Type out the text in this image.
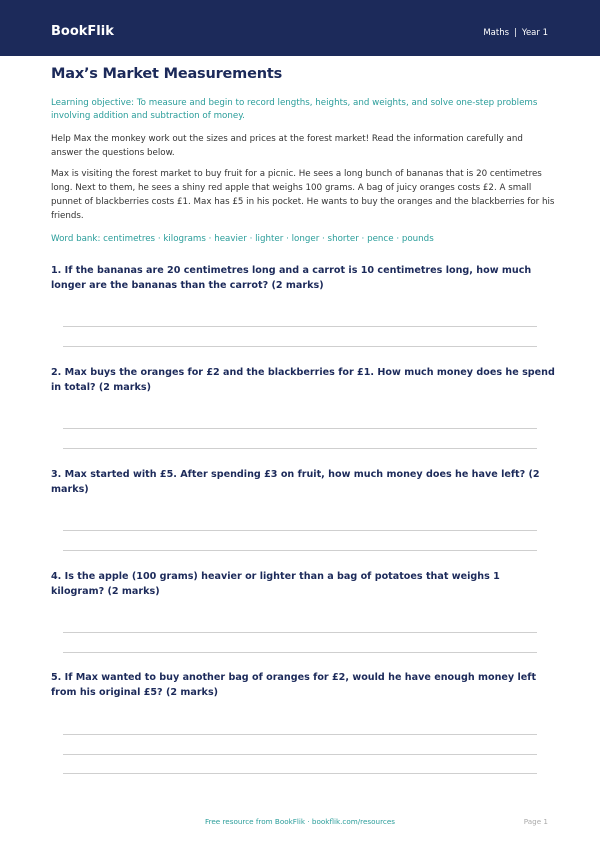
BookFlik	Maths | Year 1
Max’s Market Measurements
Learning objective: To measure and begin to record lengths, heights, and weights, and solve one-step problems involving addition and subtraction of money.
Help Max the monkey work out the sizes and prices at the forest market! Read the information carefully and answer the questions below.
Max is visiting the forest market to buy fruit for a picnic. He sees a long bunch of bananas that is 20 centimetres long. Next to them, he sees a shiny red apple that weighs 100 grams. A bag of juicy oranges costs £2. A small punnet of blackberries costs £1. Max has £5 in his pocket. He wants to buy the oranges and the blackberries for his friends.
Word bank: centimetres · kilograms · heavier · lighter · longer · shorter · pence · pounds
1. If the bananas are 20 centimetres long and a carrot is 10 centimetres long, how much longer are the bananas than the carrot? (2 marks)
2. Max buys the oranges for £2 and the blackberries for £1. How much money does he spend in total? (2 marks)
3. Max started with £5. After spending £3 on fruit, how much money does he have left? (2 marks)
4. Is the apple (100 grams) heavier or lighter than a bag of potatoes that weighs 1 kilogram? (2 marks)
5. If Max wanted to buy another bag of oranges for £2, would he have enough money left from his original £5? (2 marks)
Free resource from BookFlik · bookflik.com/resources	Page 1
